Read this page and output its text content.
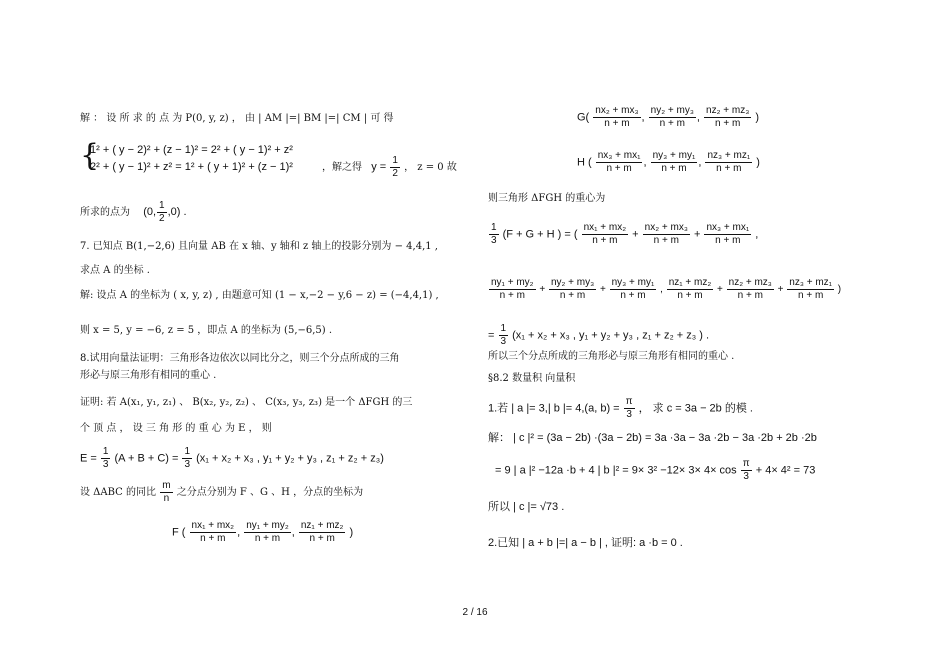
解 ： 设 所 求 的 点 为 P(0, y, z) ， 由 | AM |=| BM |=| CM | 可 得
{
1² + ( y − 2)² + (z − 1)² = 2² + ( y − 1)² + z²
2² + ( y − 1)² + z² = 1² + ( y + 1)² + (z − 1)²	，解之得 $y = \frac{1}{2}$ ， z = 0 故
所求的点为 (0, $\frac{1}{2} ,0$) .
7. 已知点 B(1,−2,6) 且向量 AB 在 x 轴、y 轴和 z 轴上的投影分别为 − 4,4,1 ,
求点 A 的坐标 .
解: 设点 A 的坐标为 ( x, y, z) , 由题意可知 (1 − x,−2 − y,6 − z) = (−4,4,1) ,
则 x = 5, y = −6, z = 5 ，即点 A 的坐标为 (5,−6,5) .
8.试用向量法证明：三角形各边依次以同比分之，则三个分点所成的三角
形必与原三角形有相同的重心 .
证明: 若 A(x₁, y₁, z₁) 、 B(x₂, y₂, z₂) 、 C(x₃, y₃, z₃) 是一个 ΔFGH 的三
个 顶 点 ， 设 三 角 形 的 重 心 为 E ， 则
$E = \frac{1}{3} (A + B + C) = \frac{1}{3} (x_1 + x_2 + x_3$ , y₁ + y₂ + y₃ , z₁ + z₂ + z₃)
设 ΔABC 的同比 $\frac{m}{n}$ 之分点分别为 F 、G 、H ，分点的坐标为
F ( $\frac{\text{nx₁ + mx₂}}{n + m}$ , $\frac{\text{ny₁ + my₂}}{n + m}$ , $\frac{\text{nz₁ + mz₂}}{n + m}$ )
$G( \frac{\text{nx₂ + mx₃}}{n + m}$ , $\frac{\text{ny₂ + my₃}}{n + m}$ , $\frac{\text{nz₂ + mz₃}}{n + m}$ )
H ( $\frac{\text{nx₃ + mx₁}}{n + m}$ , $\frac{\text{ny₃ + my₁}}{n + m}$ , $\frac{\text{nz₃ + mz₁}}{n + m}$ )
则三角形 ΔFGH 的重心为
$\frac{1}{3} (F + G + H$ ) = ( $\frac{\text{nx₁ + mx₂}}{n + m} + \frac{\text{nx₂ + mx₃}}{n + m} + \frac{\text{nx₃ + mx₁}}{n + m}$ ,
$\frac{\text{ny₁ + my₂}}{n + m} + \frac{\text{ny₂ + my₃}}{n + m} + \frac{\text{ny₃ + my₁}}{n + m}$ , $\frac{\text{nz₁ + mz₂}}{n + m} + \frac{\text{nz₂ + mz₃}}{n + m} + \frac{\text{nz₃ + mz₁}}{n + m}$ )
= $\frac{1}{3} (x_1 + x_2 + x_3$ , y₁ + y₂ + y₃ , z₁ + z₂ + z₃ ) .
所以三个分点所成的三角形必与原三角形有相同的重心 .
§8.2 数量积 向量积
1.若 | a |= 3,| b |= 4,(a, $b) = \frac{\pi}{3}$ ， 求 c = 3a − 2b 的模 .
解： | c |² = (3a − 2b) ·(3a − 2b) = 3a ·3a − 3a ·2b − 3a ·2b + 2b ·2b
= 9 | a |² −12a ·b + 4 | b $|^2 = 9\times 3^2 -12\times 3\times 4\times \cos \frac{\pi}{3} + 4\times 4^2 = 73$
所以 | c |= √73 .
2.已知 | a + b |=| a − b | , 证明: a ·b = 0 .
2 / 16
